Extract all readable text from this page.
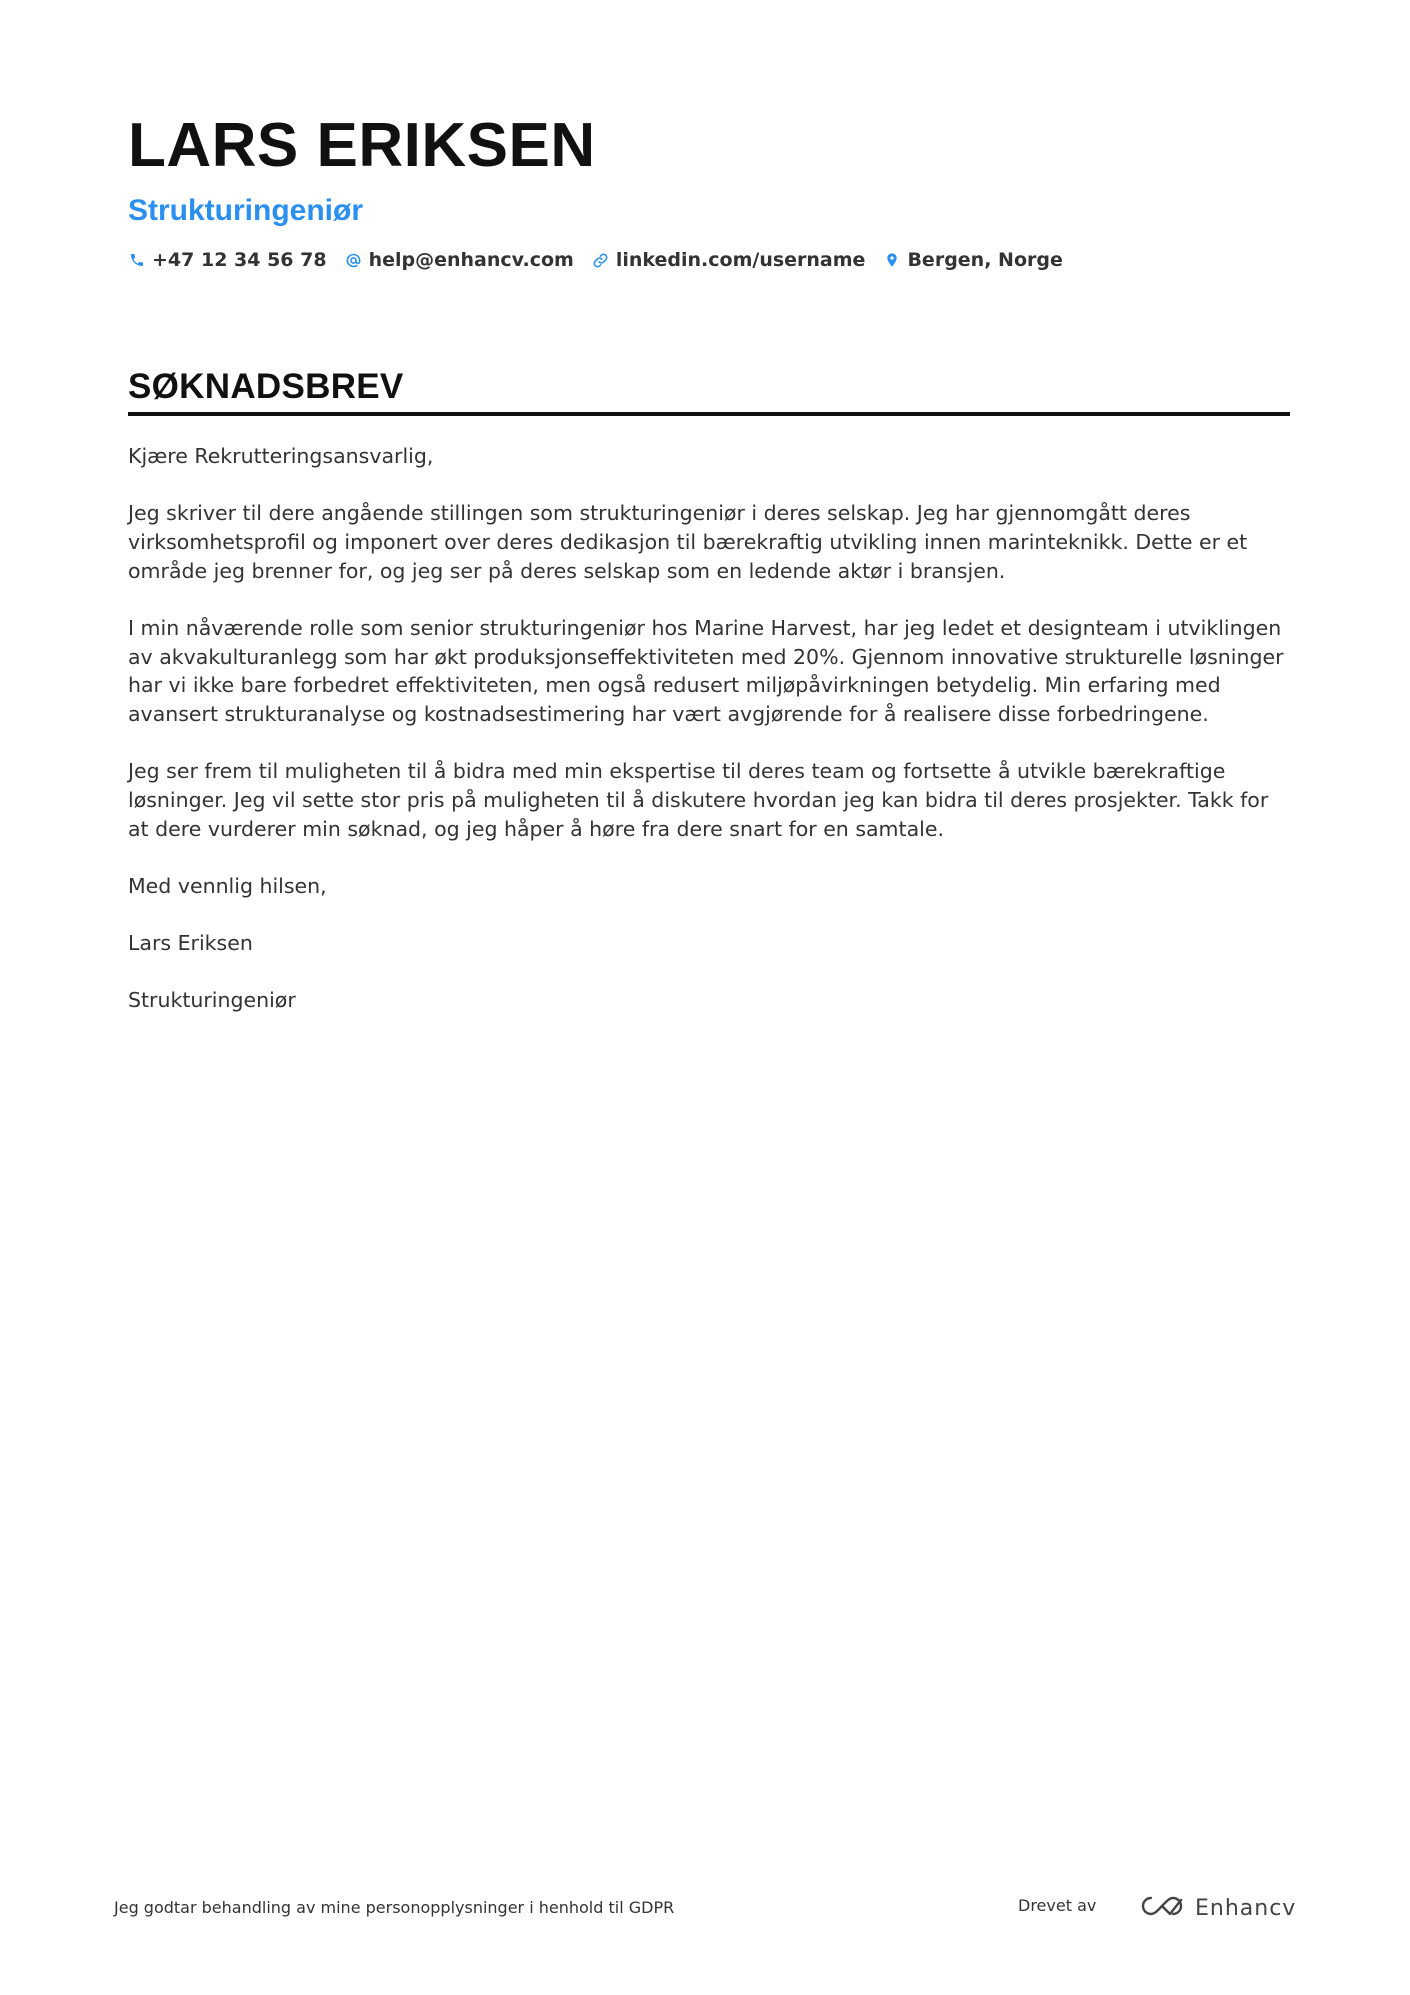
LARS ERIKSEN
Strukturingeniør
+47 12 34 56 78 help@enhancv.com linkedin.com/username Bergen, Norge
SØKNADSBREV

Kjære Rekrutteringsansvarlig,

Jeg skriver til dere angående stillingen som strukturingeniør i deres selskap. Jeg har gjennomgått deres virksomhetsprofil og imponert over deres dedikasjon til bærekraftig utvikling innen marinteknikk. Dette er et område jeg brenner for, og jeg ser på deres selskap som en ledende aktør i bransjen.

I min nåværende rolle som senior strukturingeniør hos Marine Harvest, har jeg ledet et designteam i utviklingen av akvakulturanlegg som har økt produksjonseffektiviteten med 20%. Gjennom innovative strukturelle løsninger har vi ikke bare forbedret effektiviteten, men også redusert miljøpåvirkningen betydelig. Min erfaring med avansert strukturanalyse og kostnadsestimering har vært avgjørende for å realisere disse forbedringene.

Jeg ser frem til muligheten til å bidra med min ekspertise til deres team og fortsette å utvikle bærekraftige løsninger. Jeg vil sette stor pris på muligheten til å diskutere hvordan jeg kan bidra til deres prosjekter. Takk for at dere vurderer min søknad, og jeg håper å høre fra dere snart for en samtale.

Med vennlig hilsen,

Lars Eriksen

Strukturingeniør

Jeg godtar behandling av mine personopplysninger i henhold til GDPR	Drevet av	Enhancv
